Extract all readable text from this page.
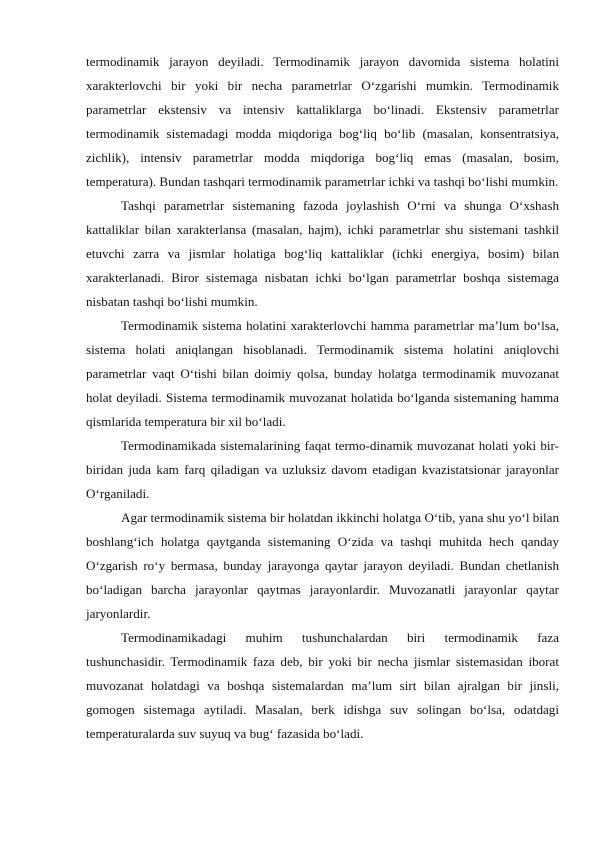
termodinamik jarayon deyiladi. Termodinamik jarayon davomida sistema holatini xarakterlovchi bir yoki bir necha parametrlar O‘zgarishi mumkin. Termodinamik parametrlar ekstensiv va intensiv kattaliklarga bo‘linadi. Ekstensiv parametrlar termodinamik sistemadagi modda miqdoriga bog‘liq bo‘lib (masalan, konsentratsiya, zichlik), intensiv parametrlar modda miqdoriga bog‘liq emas (masalan, bosim, temperatura). Bundan tashqari termodinamik parametrlar ichki va tashqi bo‘lishi mumkin.

Tashqi parametrlar sistemaning fazoda joylashish O‘rni va shunga O‘xshash kattaliklar bilan xarakterlansa (masalan, hajm), ichki parametrlar shu sistemani tashkil etuvchi zarra va jismlar holatiga bog‘liq kattaliklar (ichki energiya, bosim) bilan xarakterlanadi. Biror sistemaga nisbatan ichki bo‘lgan parametrlar boshqa sistemaga nisbatan tashqi bo‘lishi mumkin.

Termodinamik sistema holatini xarakterlovchi hamma parametrlar ma’lum bo‘lsa, sistema holati aniqlangan hisoblanadi. Termodinamik sistema holatini aniqlovchi parametrlar vaqt O‘tishi bilan doimiy qolsa, bunday holatga termodinamik muvozanat holat deyiladi. Sistema termodinamik muvozanat holatida bo‘lganda sistemaning hamma qismlarida temperatura bir xil bo‘ladi.

Termodinamikada sistemalarining faqat termo-dinamik muvozanat holati yoki bir-biridan juda kam farq qiladigan va uzluksiz davom etadigan kvazistatsionar jarayonlar O‘rganiladi.

Agar termodinamik sistema bir holatdan ikkinchi holatga O‘tib, yana shu yo‘l bilan boshlang‘ich holatga qaytganda sistemaning O‘zida va tashqi muhitda hech qanday O‘zgarish ro‘y bermasa, bunday jarayonga qaytar jarayon deyiladi. Bundan chetlanish bo‘ladigan barcha jarayonlar qaytmas jarayonlardir. Muvozanatli jarayonlar qaytar jaryonlardir.

Termodinamikadagi muhim tushunchalardan biri termodinamik faza tushunchasidir. Termodinamik faza deb, bir yoki bir necha jismlar sistemasidan iborat muvozanat holatdagi va boshqa sistemalardan ma’lum sirt bilan ajralgan bir jinsli, gomogen sistemaga aytiladi. Masalan, berk idishga suv solingan bo‘lsa, odatdagi temperaturalarda suv suyuq va bug‘ fazasida bo‘ladi.
